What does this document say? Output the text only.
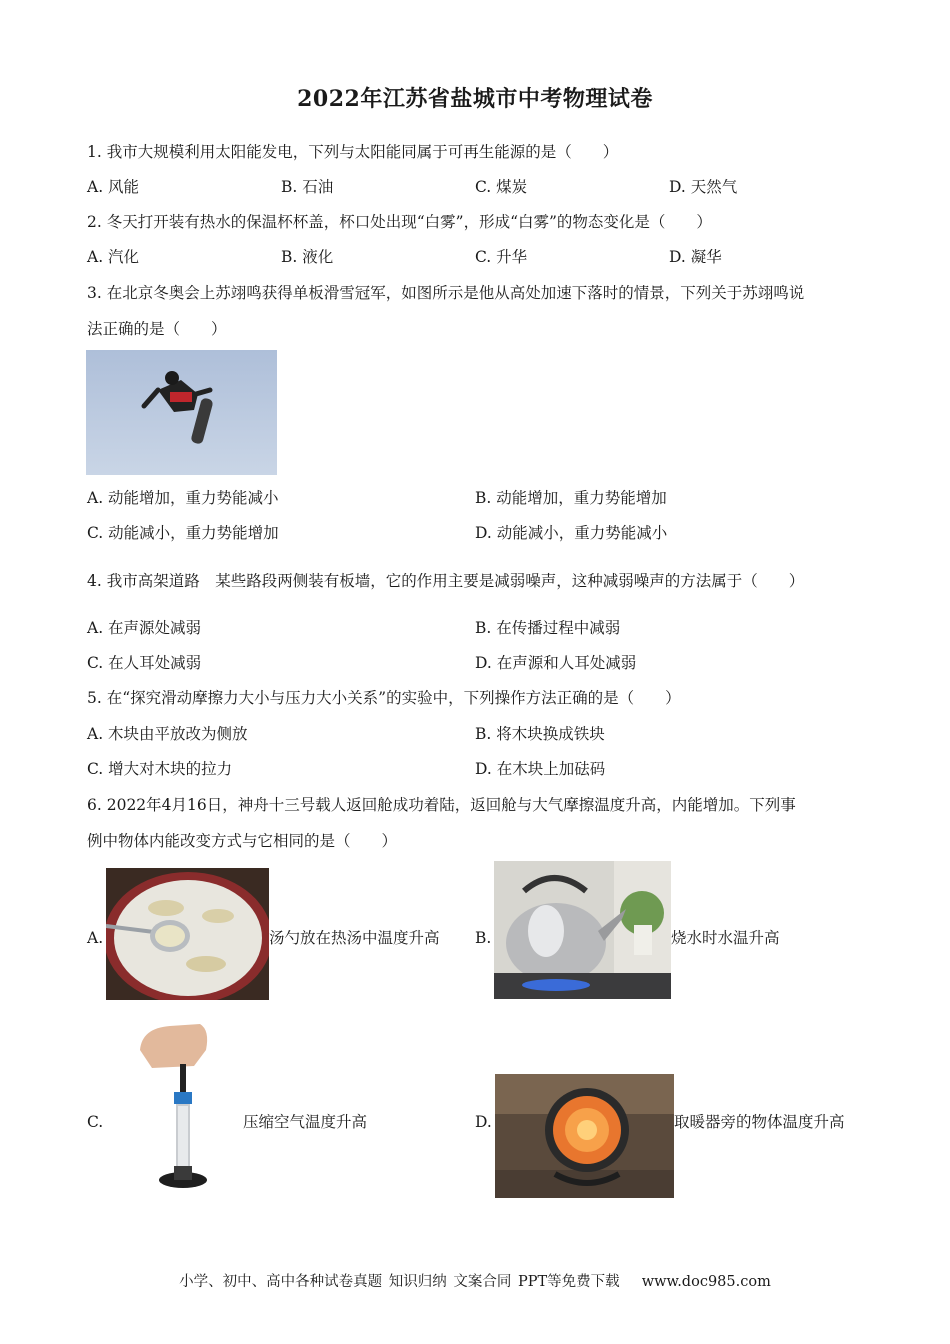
2022年江苏省盐城市中考物理试卷
1. 我市大规模利用太阳能发电，下列与太阳能同属于可再生能源的是（　　）
A. 风能	B. 石油	C. 煤炭	D. 天然气
2. 冬天打开装有热水的保温杯杯盖，杯口处出现“白雾”，形成“白雾”的物态变化是（　　）
A. 汽化	B. 液化	C. 升华	D. 凝华
3. 在北京冬奥会上苏翊鸣获得单板滑雪冠军，如图所示是他从高处加速下落时的情景，下列关于苏翊鸣说
法正确的是（　　）
A. 动能增加，重力势能减小	B. 动能增加，重力势能增加
C. 动能减小，重力势能增加	D. 动能减小，重力势能减小
4. 我市高架道路　某些路段两侧装有板墙，它的作用主要是减弱噪声，这种减弱噪声的方法属于（　　）
A. 在声源处减弱	B. 在传播过程中减弱
C. 在人耳处减弱	D. 在声源和人耳处减弱
5. 在“探究滑动摩擦力大小与压力大小关系”的实验中，下列操作方法正确的是（　　）
A. 木块由平放改为侧放	B. 将木块换成铁块
C. 增大对木块的拉力	D. 在木块上加砝码
6. 2022年4月16日，神舟十三号载人返回舱成功着陆，返回舱与大气摩擦温度升高，内能增加。下列事
例中物体内能改变方式与它相同的是（　　）
A.	汤勺放在热汤中温度升高 B.	烧水时水温升高
C.	压缩空气温度升高	D.	取暖器旁的物体温度升高
小学、初中、高中各种试卷真题 知识归纳 文案合同 PPT等免费下载 www.doc985.com
